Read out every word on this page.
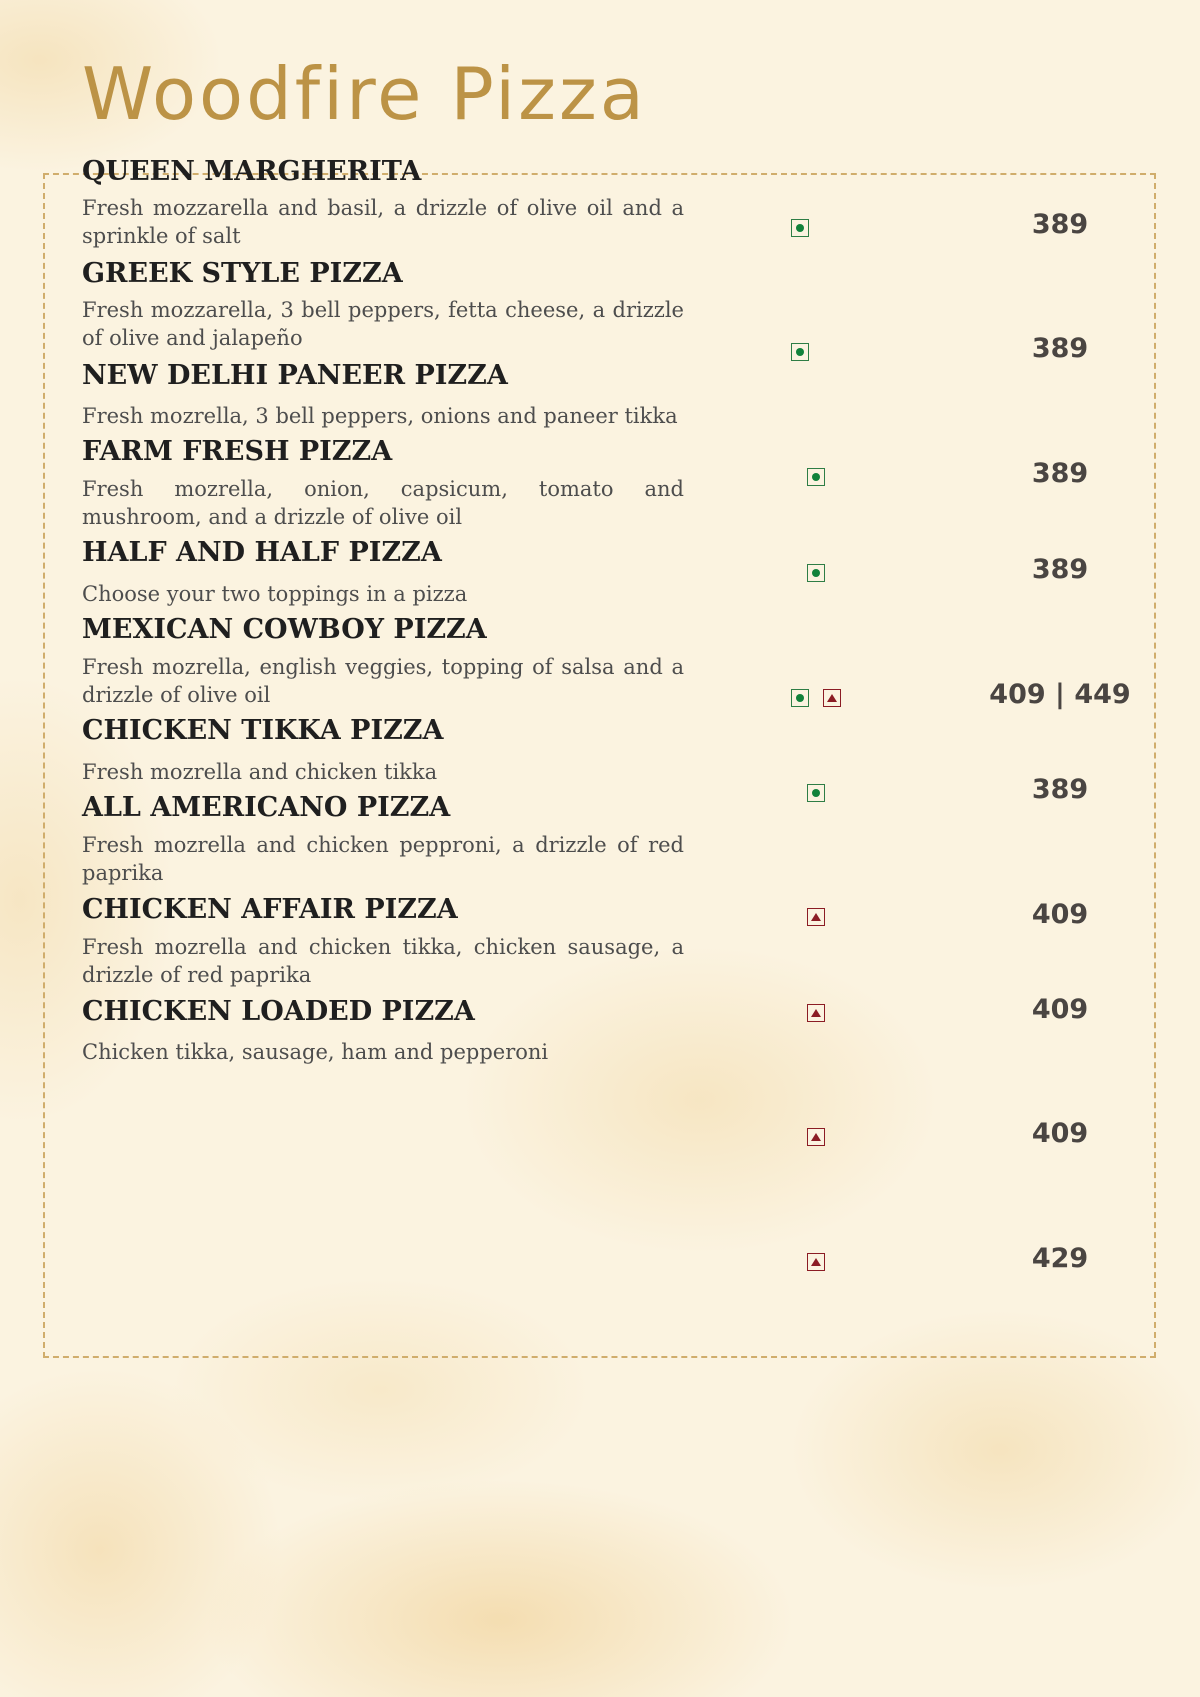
Woodfire Pizza
QUEEN MARGHERITA

Fresh mozzarella and basil, a drizzle of olive oil and a sprinkle of salt

GREEK STYLE PIZZA

Fresh mozzarella, 3 bell peppers, fetta cheese, a drizzle of olive and jalapeño

NEW DELHI PANEER PIZZA

Fresh mozrella, 3 bell peppers, onions and paneer tikka

FARM FRESH PIZZA

Fresh mozrella, onion, capsicum, tomato and mushroom, and a drizzle of olive oil

HALF AND HALF PIZZA

Choose your two toppings in a pizza

MEXICAN COWBOY PIZZA

Fresh mozrella, english veggies, topping of salsa and a drizzle of olive oil

CHICKEN TIKKA PIZZA

Fresh mozrella and chicken tikka

ALL AMERICANO PIZZA

Fresh mozrella and chicken pepproni, a drizzle of red paprika

CHICKEN AFFAIR PIZZA

Fresh mozrella and chicken tikka, chicken sausage, a drizzle of red paprika

CHICKEN LOADED PIZZA

Chicken tikka, sausage, ham and pepperoni

389
389
389
389
409 | 449
389
409
409
409
429
